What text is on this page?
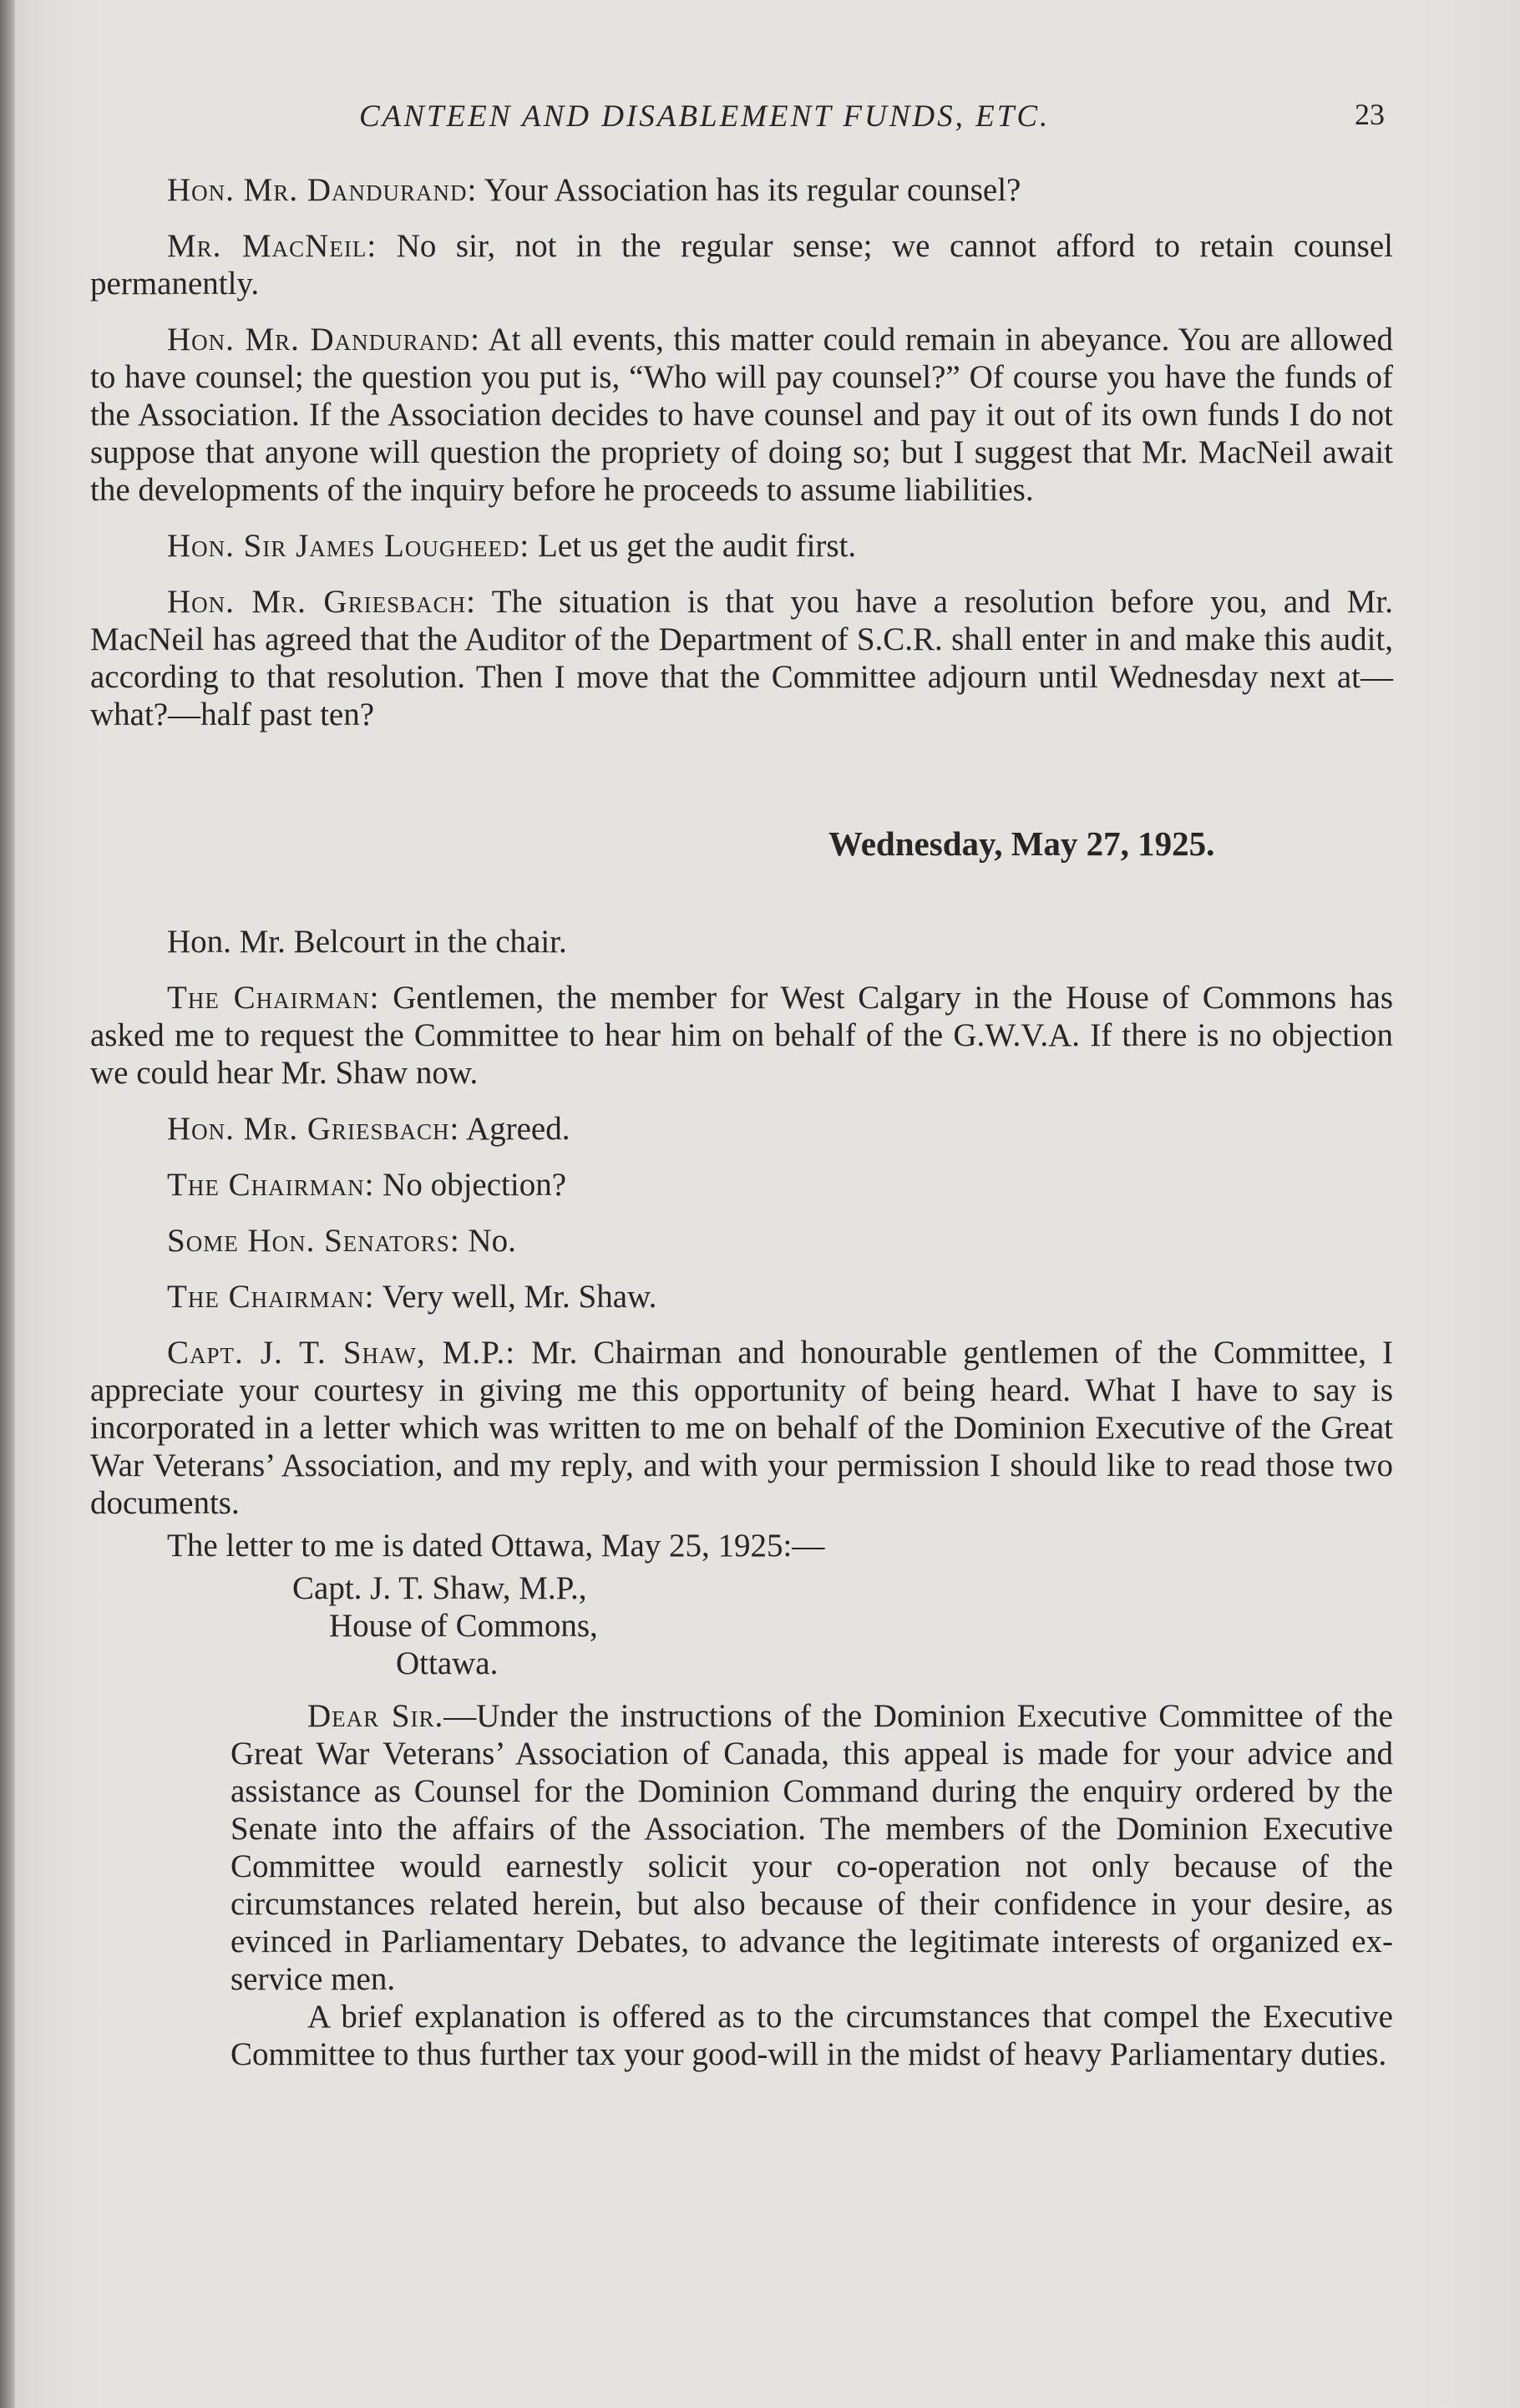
CANTEEN AND DISABLEMENT FUNDS, ETC.	23

Hon. Mr. Dandurand: Your Association has its regular counsel?

Mr. MacNeil: No sir, not in the regular sense; we cannot afford to retain counsel permanently.

Hon. Mr. Dandurand: At all events, this matter could remain in abeyance. You are allowed to have counsel; the question you put is, “Who will pay counsel?” Of course you have the funds of the Association. If the Association decides to have counsel and pay it out of its own funds I do not suppose that anyone will question the propriety of doing so; but I suggest that Mr. MacNeil await the developments of the inquiry before he proceeds to assume liabilities.

Hon. Sir James Lougheed: Let us get the audit first.

Hon. Mr. Griesbach: The situation is that you have a resolution before you, and Mr. MacNeil has agreed that the Auditor of the Department of S.C.R. shall enter in and make this audit, according to that resolution. Then I move that the Committee adjourn until Wednesday next at—what?—half past ten?

Wednesday, May 27, 1925.

Hon. Mr. Belcourt in the chair.

The Chairman: Gentlemen, the member for West Calgary in the House of Commons has asked me to request the Committee to hear him on behalf of the G.W.V.A. If there is no objection we could hear Mr. Shaw now.

Hon. Mr. Griesbach: Agreed.

The Chairman: No objection?

Some Hon. Senators: No.

The Chairman: Very well, Mr. Shaw.

Capt. J. T. Shaw, M.P.: Mr. Chairman and honourable gentlemen of the Committee, I appreciate your courtesy in giving me this opportunity of being heard. What I have to say is incorporated in a letter which was written to me on behalf of the Dominion Executive of the Great War Veterans’ Association, and my reply, and with your permission I should like to read those two documents.

The letter to me is dated Ottawa, May 25, 1925:—

Capt. J. T. Shaw, M.P.,
House of Commons,
Ottawa.

Dear Sir.—Under the instructions of the Dominion Executive Committee of the Great War Veterans’ Association of Canada, this appeal is made for your advice and assistance as Counsel for the Dominion Command during the enquiry ordered by the Senate into the affairs of the Association. The members of the Dominion Executive Committee would earnestly solicit your co-operation not only because of the circumstances related herein, but also because of their confidence in your desire, as evinced in Parliamentary Debates, to advance the legitimate interests of organized ex-service men.

A brief explanation is offered as to the circumstances that compel the Executive Committee to thus further tax your good-will in the midst of heavy Parliamentary duties.
